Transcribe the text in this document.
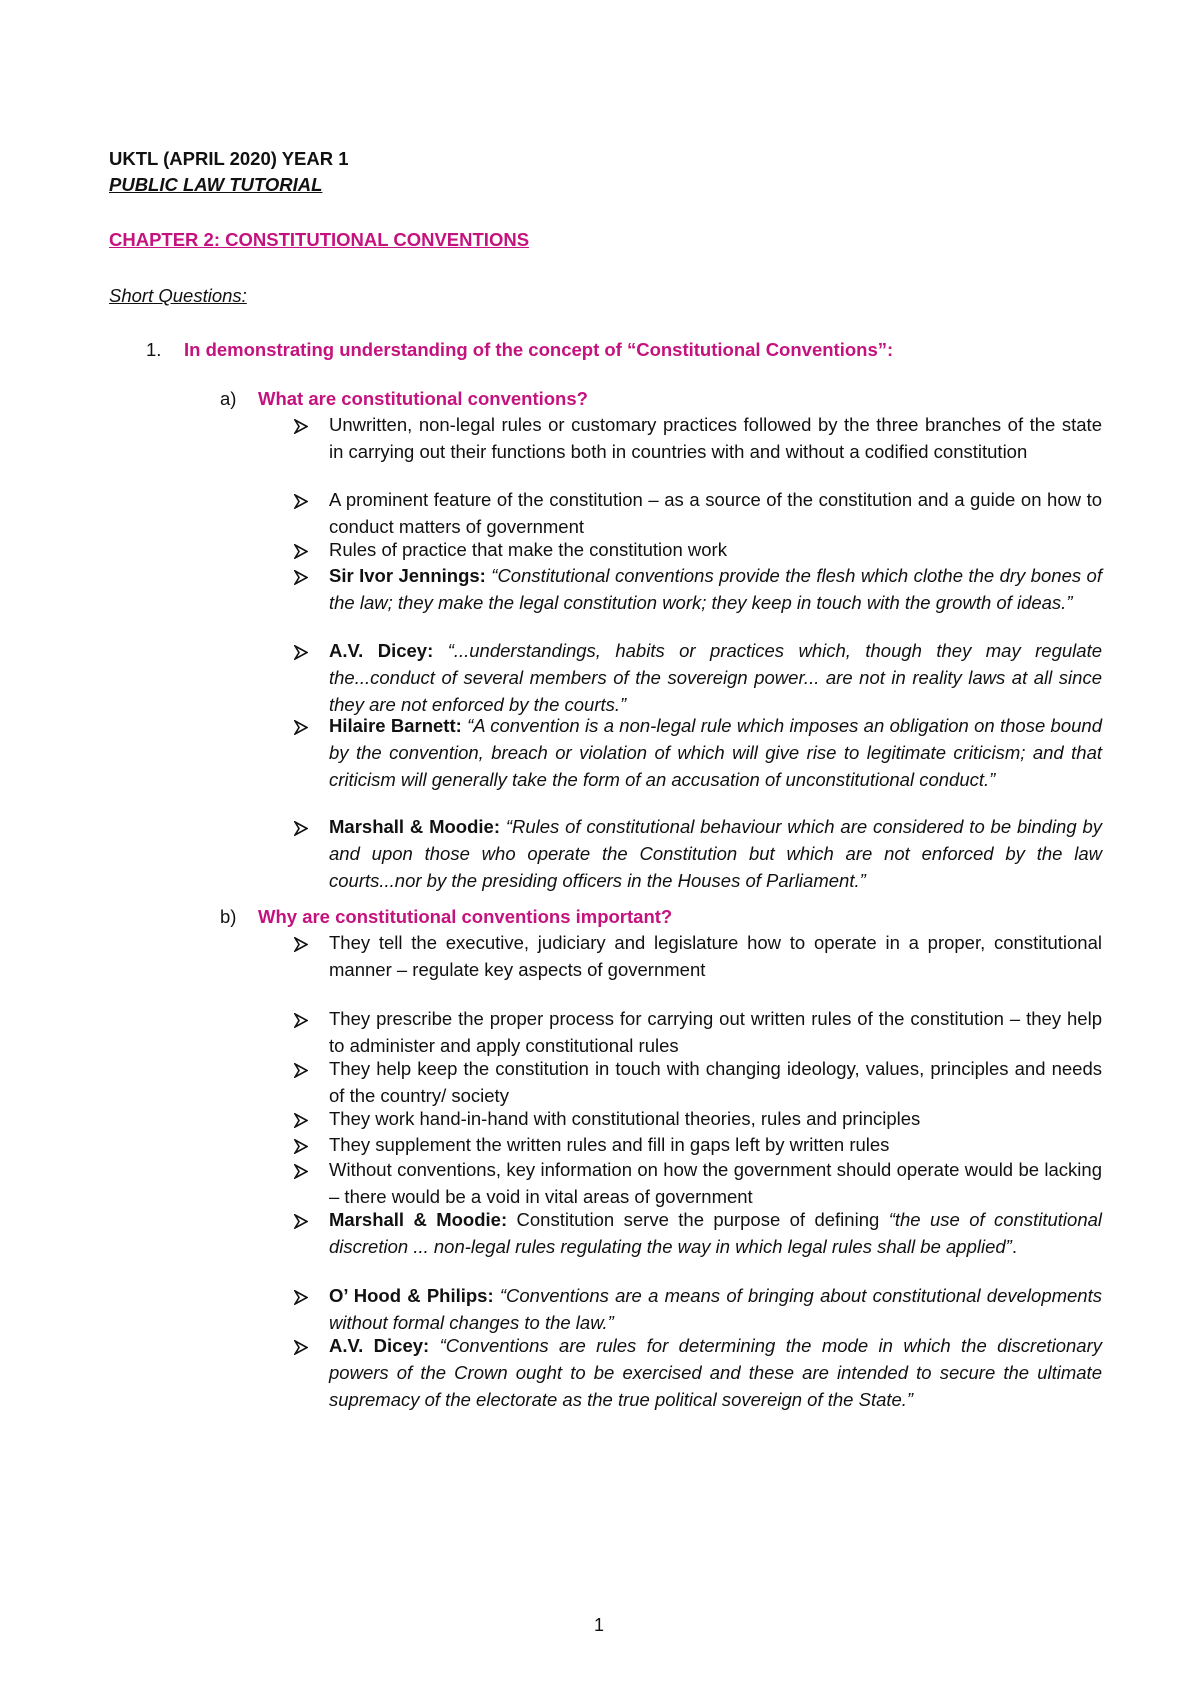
UKTL (APRIL 2020) YEAR 1
PUBLIC LAW TUTORIAL
CHAPTER 2: CONSTITUTIONAL CONVENTIONS
Short Questions:
1. In demonstrating understanding of the concept of “Constitutional Conventions”:
a) What are constitutional conventions?
Unwritten, non-legal rules or customary practices followed by the three branches of the state in carrying out their functions both in countries with and without a codified constitution
A prominent feature of the constitution – as a source of the constitution and a guide on how to conduct matters of government
Rules of practice that make the constitution work
Sir Ivor Jennings: “Constitutional conventions provide the flesh which clothe the dry bones of the law; they make the legal constitution work; they keep in touch with the growth of ideas.”
A.V. Dicey: “...understandings, habits or practices which, though they may regulate the...conduct of several members of the sovereign power... are not in reality laws at all since they are not enforced by the courts.”
Hilaire Barnett: “A convention is a non-legal rule which imposes an obligation on those bound by the convention, breach or violation of which will give rise to legitimate criticism; and that criticism will generally take the form of an accusation of unconstitutional conduct.”
Marshall & Moodie: “Rules of constitutional behaviour which are considered to be binding by and upon those who operate the Constitution but which are not enforced by the law courts...nor by the presiding officers in the Houses of Parliament.”
b) Why are constitutional conventions important?
They tell the executive, judiciary and legislature how to operate in a proper, constitutional manner – regulate key aspects of government
They prescribe the proper process for carrying out written rules of the constitution – they help to administer and apply constitutional rules
They help keep the constitution in touch with changing ideology, values, principles and needs of the country/ society
They work hand-in-hand with constitutional theories, rules and principles
They supplement the written rules and fill in gaps left by written rules
Without conventions, key information on how the government should operate would be lacking – there would be a void in vital areas of government
Marshall & Moodie: Constitution serve the purpose of defining “the use of constitutional discretion ... non-legal rules regulating the way in which legal rules shall be applied”.
O’ Hood & Philips: “Conventions are a means of bringing about constitutional developments without formal changes to the law.”
A.V. Dicey: “Conventions are rules for determining the mode in which the discretionary powers of the Crown ought to be exercised and these are intended to secure the ultimate supremacy of the electorate as the true political sovereign of the State.”
1
